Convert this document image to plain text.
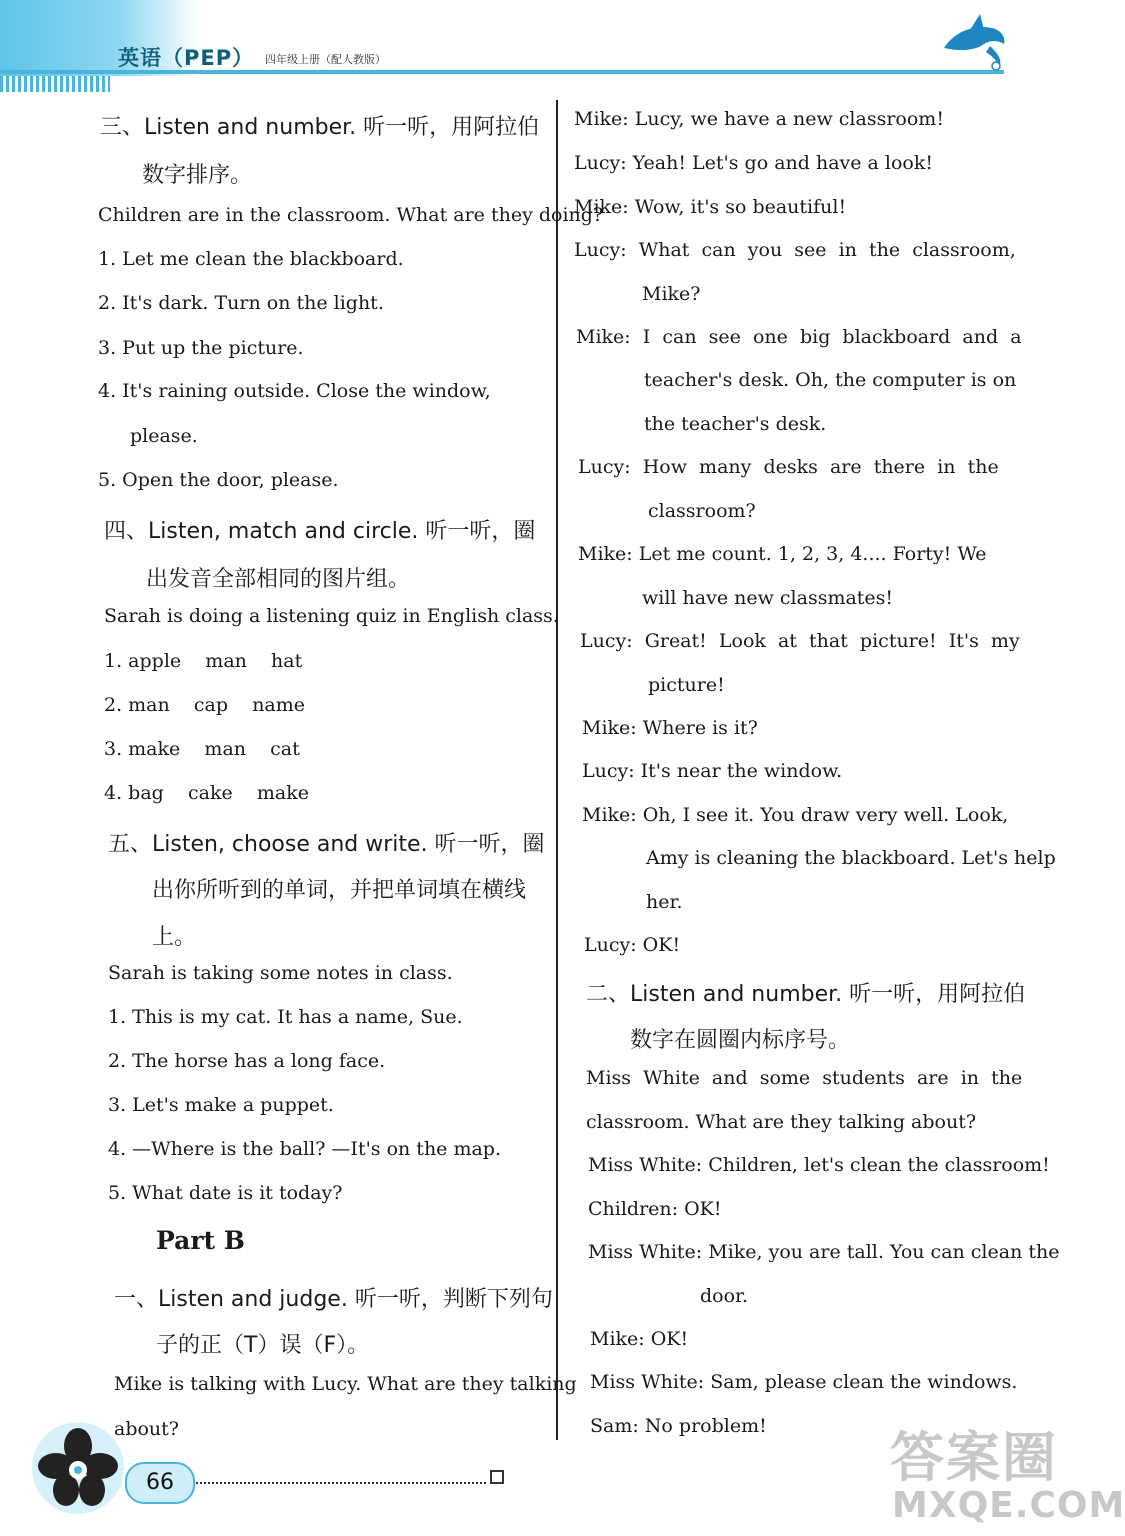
英语（PEP） 四年级上册（配人教版）
三、Listen and number. 听一听，用阿拉伯
数字排序。
Children are in the classroom. What are they doing?
1. Let me clean the blackboard.
2. It's dark. Turn on the light.
3. Put up the picture.
4. It's raining outside. Close the window,
please.
5. Open the door, please.
四、Listen, match and circle. 听一听，圈
出发音全部相同的图片组。
Sarah is doing a listening quiz in English class.
1. apple    man    hat
2. man    cap    name
3. make    man    cat
4. bag    cake    make
五、Listen, choose and write. 听一听，圈
出你所听到的单词，并把单词填在横线
上。
Sarah is taking some notes in class.
1. This is my cat. It has a name, Sue.
2. The horse has a long face.
3. Let's make a puppet.
4. —Where is the ball? —It's on the map.
5. What date is it today?
Part B
一、Listen and judge. 听一听，判断下列句
子的正（T）误（F）。
Mike is talking with Lucy. What are they talking
about?
Mike: Lucy, we have a new classroom!
Lucy: Yeah! Let's go and have a look!
Mike: Wow, it's so beautiful!
Lucy:  What  can  you  see  in  the  classroom,
Mike?
Mike:  I  can  see  one  big  blackboard  and  a
teacher's desk. Oh, the computer is on
the teacher's desk.
Lucy:  How  many  desks  are  there  in  the
classroom?
Mike: Let me count. 1, 2, 3, 4.... Forty! We
will have new classmates!
Lucy:  Great!  Look  at  that  picture!  It's  my
picture!
Mike: Where is it?
Lucy: It's near the window.
Mike: Oh, I see it. You draw very well. Look,
Amy is cleaning the blackboard. Let's help
her.
Lucy: OK!
二、Listen and number. 听一听，用阿拉伯
数字在圆圈内标序号。
Miss  White  and  some  students  are  in  the
classroom. What are they talking about?
Miss White: Children, let's clean the classroom!
Children: OK!
Miss White: Mike, you are tall. You can clean the
door.
Mike: OK!
Miss White: Sam, please clean the windows.
Sam: No problem!
66	答案圈
MXQE.COM
